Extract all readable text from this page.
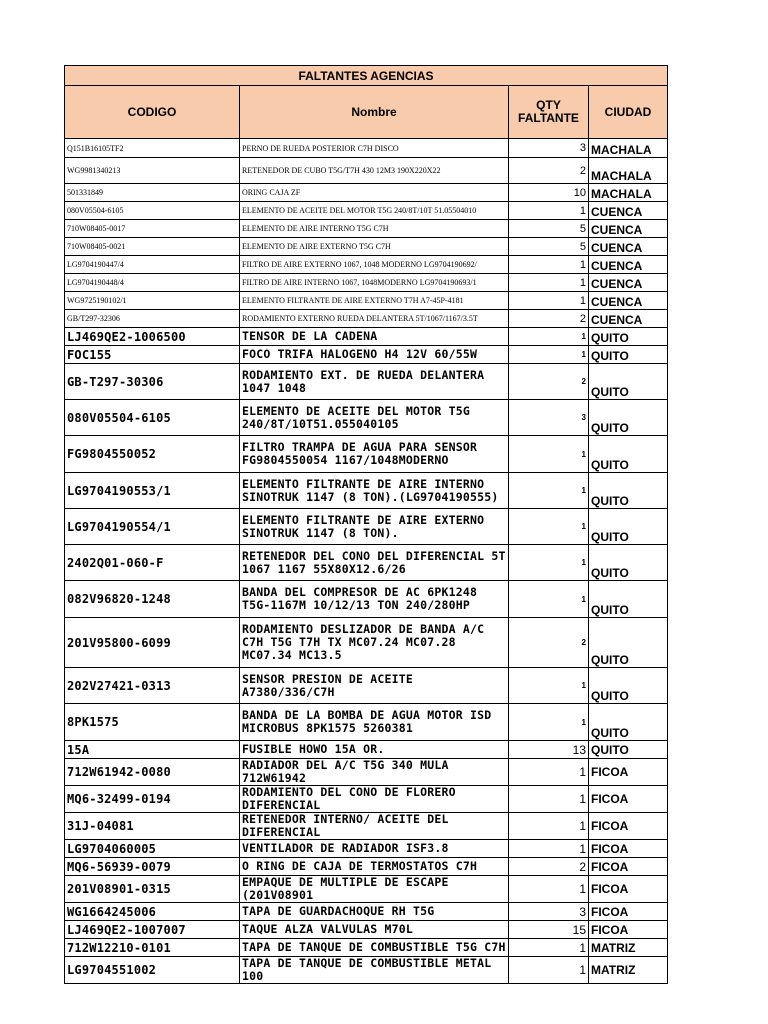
FALTANTES AGENCIAS			
CODIGO	Nombre	QTY FALTANTE	CIUDAD
Q151B16105TF2	PERNO DE RUEDA POSTERIOR C7H DISCO	3	MACHALA
WG9981340213	RETENEDOR DE CUBO T5G/T7H 430 12M3 190X220X22	2	MACHALA
501331849	ORING CAJA ZF	10	MACHALA
080V05504-6105	ELEMENTO DE ACEITE DEL MOTOR T5G 240/8T/10T 51.05504010	1	CUENCA
710W08405-0017	ELEMENTO DE AIRE INTERNO T5G C7H	5	CUENCA
710W08405-0021	ELEMENTO DE AIRE EXTERNO T5G C7H	5	CUENCA
LG9704190447/4	FILTRO DE AIRE EXTERNO 1067, 1048 MODERNO LG9704190692/	1	CUENCA
LG9704190448/4	FILTRO DE AIRE INTERNO 1067, 1048MODERNO LG9704190693/1	1	CUENCA
WG9725190102/1	ELEMENTO FILTRANTE DE AIRE EXTERNO T7H A7-45P-4181	1	CUENCA
GB/T297-32306	RODAMIENTO EXTERNO RUEDA DELANTERA 5T/1067/1167/3.5T	2	CUENCA
LJ469QE2-1006500	TENSOR DE LA CADENA	1	QUITO
FOC155	FOCO TRIFA HALOGENO H4 12V 60/55W	1	QUITO
GB-T297-30306	RODAMIENTO EXT. DE RUEDA DELANTERA 1047 1048	2	QUITO
080V05504-6105	ELEMENTO DE ACEITE DEL MOTOR T5G 240/8T/10T51.055040105	3	QUITO
FG9804550052	FILTRO TRAMPA DE AGUA PARA SENSOR FG9804550054 1167/1048MODERNO	1	QUITO
LG9704190553/1	ELEMENTO FILTRANTE DE AIRE INTERNO SINOTRUK 1147 (8 TON).(LG9704190555)	1	QUITO
LG9704190554/1	ELEMENTO FILTRANTE DE AIRE EXTERNO SINOTRUK 1147 (8 TON).	1	QUITO
2402Q01-060-F	RETENEDOR DEL CONO DEL DIFERENCIAL 5T 1067 1167 55X80X12.6/26	1	QUITO
082V96820-1248	BANDA DEL COMPRESOR DE AC 6PK1248 T5G-1167M 10/12/13 TON 240/280HP	1	QUITO
201V95800-6099	RODAMIENTO DESLIZADOR DE BANDA A/C C7H T5G T7H TX MC07.24 MC07.28 MC07.34 MC13.5	2	QUITO
202V27421-0313	SENSOR PRESION DE ACEITE A7380/336/C7H	1	QUITO
8PK1575	BANDA DE LA BOMBA DE AGUA MOTOR ISD MICROBUS 8PK1575 5260381	1	QUITO
15A	FUSIBLE HOWO 15A OR.	13	QUITO
712W61942-0080	RADIADOR DEL A/C T5G 340 MULA 712W61942	1	FICOA
MQ6-32499-0194	RODAMIENTO DEL CONO DE FLORERO DIFERENCIAL	1	FICOA
31J-04081	RETENEDOR INTERNO/ ACEITE DEL DIFERENCIAL	1	FICOA
LG9704060005	VENTILADOR DE RADIADOR ISF3.8	1	FICOA
MQ6-56939-0079	O RING DE CAJA DE TERMOSTATOS C7H	2	FICOA
201V08901-0315	EMPAQUE DE MULTIPLE DE ESCAPE (201V08901	1	FICOA
WG1664245006	TAPA DE GUARDACHOQUE RH T5G	3	FICOA
LJ469QE2-1007007	TAQUE ALZA VALVULAS M70L	15	FICOA
712W12210-0101	TAPA DE TANQUE DE COMBUSTIBLE T5G C7H	1	MATRIZ
LG9704551002	TAPA DE TANQUE DE COMBUSTIBLE METAL 100	1	MATRIZ
